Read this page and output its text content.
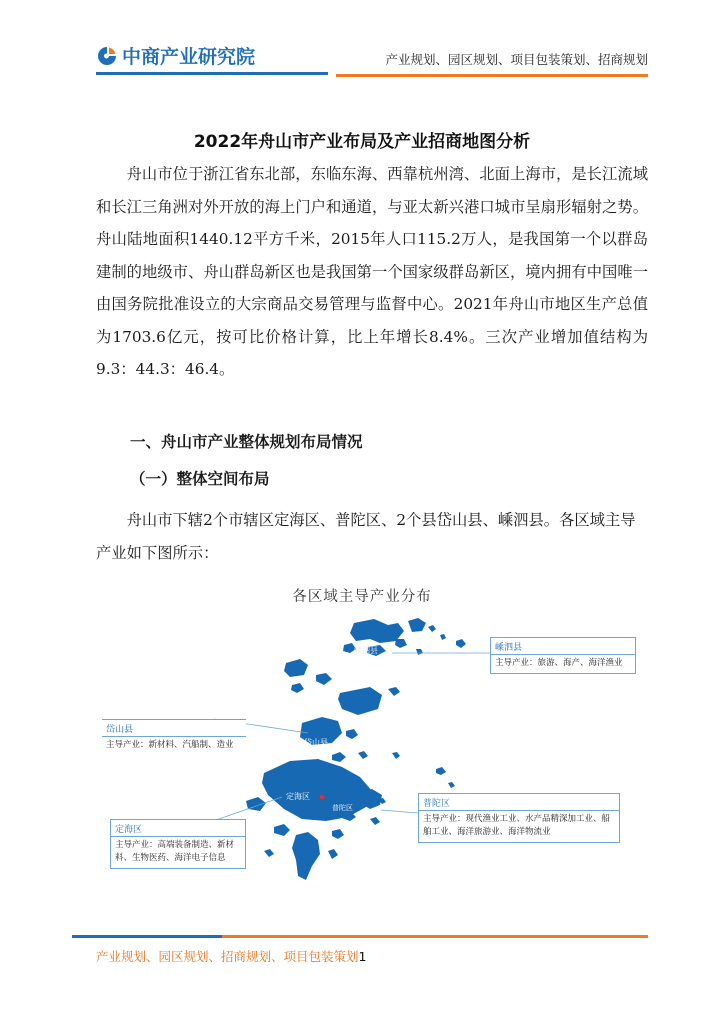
中商产业研究院	产业规划、园区规划、项目包装策划、招商规划
2022年舟山市产业布局及产业招商地图分析

舟山市位于浙江省东北部，东临东海、西靠杭州湾、北面上海市，是长江流域和长江三角洲对外开放的海上门户和通道，与亚太新兴港口城市呈扇形辐射之势。舟山陆地面积1440.12平方千米，2015年人口115.2万人，是我国第一个以群岛建制的地级市、舟山群岛新区也是我国第一个国家级群岛新区，境内拥有中国唯一由国务院批准设立的大宗商品交易管理与监督中心。2021年舟山市地区生产总值为1703.6亿元，按可比价格计算，比上年增长8.4%。三次产业增加值结构为9.3：44.3：46.4。

一、舟山市产业整体规划布局情况
（一）整体空间布局

舟山市下辖2个市辖区定海区、普陀区、2个县岱山县、嵊泗县。各区域主导产业如下图所示：

各区域主导产业分布
嵊泗县
岱山县
定海区
普陀区
嵊泗县
主导产业：旅游、海产、海洋渔业
岱山县
主导产业：新材料、汽船制、造业
普陀区
主导产业：现代渔业工业、水产品精深加工业、船舶工业、海洋旅游业、海洋物流业
定海区
主导产业：高端装备制造、新材料、生物医药、海洋电子信息
产业规划、园区规划、招商规划、项目包装策划1
